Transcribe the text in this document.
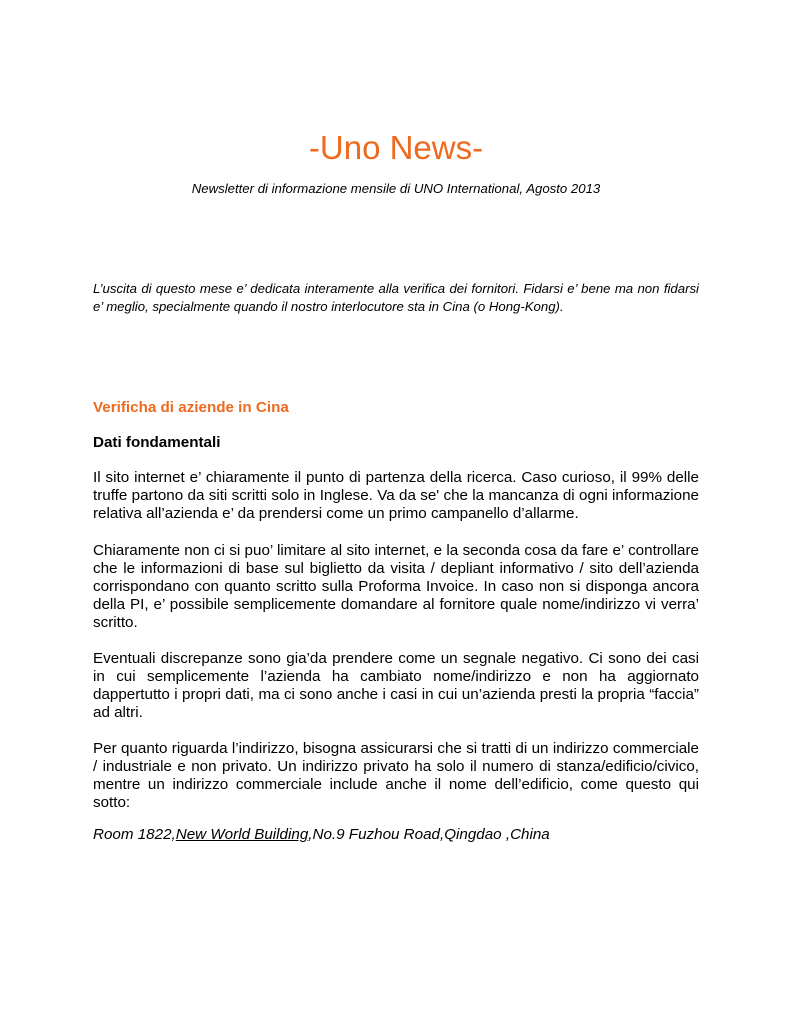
-Uno News-
Newsletter di informazione mensile di UNO International, Agosto 2013
L’uscita di questo mese e’ dedicata interamente alla verifica dei fornitori. Fidarsi e’ bene ma non fidarsi e’ meglio, specialmente quando il nostro interlocutore sta in Cina (o Hong-Kong).
Verificha di aziende in Cina
Dati fondamentali

Il sito internet e’ chiaramente il punto di partenza della ricerca. Caso curioso, il 99% delle truffe partono da siti scritti solo in Inglese. Va da se' che la mancanza di ogni informazione relativa all’azienda e’ da prendersi come un primo campanello d’allarme.

Chiaramente non ci si puo’ limitare al sito internet, e la seconda cosa da fare e’ controllare che le informazioni di base sul biglietto da visita / depliant informativo / sito dell’azienda corrispondano con quanto scritto sulla Proforma Invoice. In caso non si disponga ancora della PI, e’ possibile semplicemente domandare al fornitore quale nome/indirizzo vi verra’ scritto.

Eventuali discrepanze sono gia’da prendere come un segnale negativo. Ci sono dei casi in cui semplicemente l’azienda ha cambiato nome/indirizzo e non ha aggiornato dappertutto i propri dati, ma ci sono anche i casi in cui un’azienda presti la propria “faccia” ad altri.

Per quanto riguarda l’indirizzo, bisogna assicurarsi che si tratti di un indirizzo commerciale / industriale e non privato. Un indirizzo privato ha solo il numero di stanza/edificio/civico, mentre un indirizzo commerciale include anche il nome dell’edificio, come questo qui sotto:

Room 1822,New World Building,No.9 Fuzhou Road,Qingdao ,China
